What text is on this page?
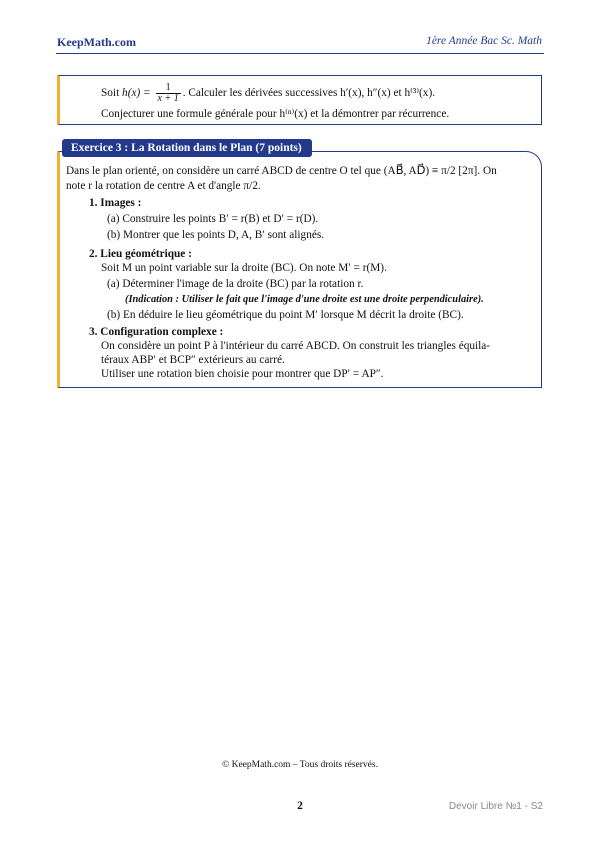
KeepMath.com	1ère Année Bac Sc. Math
Soit $h(x) = \frac{1}{x + 1}$ . Calculer les dérivées successives h′(x), h″(x) et h⁽³⁾(x).
Conjecturer une formule générale pour h⁽ⁿ⁾(x) et la démontrer par récurrence.
Exercice 3 : La Rotation dans le Plan (7 points)
Dans le plan orienté, on considère un carré ABCD de centre O tel que (AB⃗, AD⃗) ≡ π/2 [2π]. On
note r la rotation de centre A et d'angle π/2.
1. Images :
(a) Construire les points B′ = r(B) et D′ = r(D).
(b) Montrer que les points D, A, B′ sont alignés.
2. Lieu géométrique :
Soit M un point variable sur la droite (BC). On note M′ = r(M).
(a) Déterminer l'image de la droite (BC) par la rotation r.
(Indication : Utiliser le fait que l'image d'une droite est une droite perpendiculaire).
(b) En déduire le lieu géométrique du point M′ lorsque M décrit la droite (BC).
3. Configuration complexe :
On considère un point P à l'intérieur du carré ABCD. On construit les triangles équila-
téraux ABP′ et BCP″ extérieurs au carré.
Utiliser une rotation bien choisie pour montrer que DP′ = AP″.
© KeepMath.com – Tous droits réservés.
2	Devoir Libre №1 - S2
